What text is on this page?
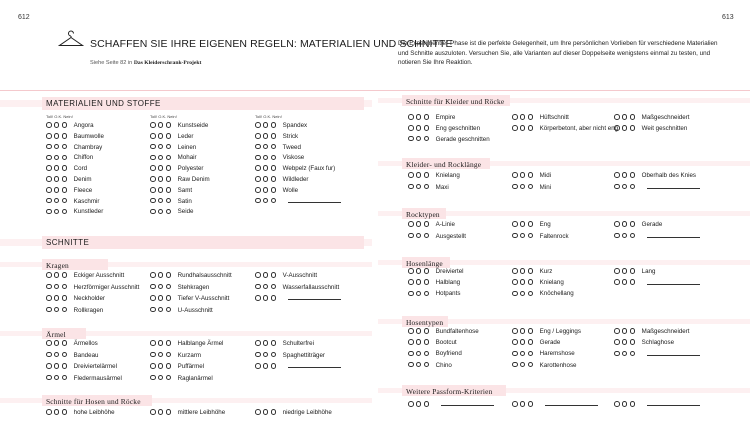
612	613
SCHAFFEN SIE IHRE EIGENEN REGELN: MATERIALIEN UND SCHNITTE
Siehe Seite 82 in Das Kleiderschrank-Projekt
Die Experimentier-Phase ist die perfekte Gelegenheit, um Ihre persönlichen Vorlieben für verschiedene Materialien und Schnitte auszuloten. Versuchen Sie, alle Varianten auf dieser Doppelseite wenigstens einmal zu testen, und notieren Sie Ihre Reaktion.
MATERIALIEN UND STOFFE
Toll! O.K. Nein!	Toll! O.K. Nein!	Toll! O.K. Nein!
Angora
Baumwolle
Chambray
Chiffon
Cord
Denim
Fleece
Kaschmir
Kunstleder
Kunstseide
Leder
Leinen
Mohair
Polyester
Raw Denim
Samt
Satin
Seide
Spandex
Strick
Tweed
Viskose
Webpelz (Faux fur)
Wildleder
Wolle
SCHNITTE
Kragen
Eckiger Ausschnitt
Herzförmiger Ausschnitt
Neckholder
Rollkragen
Rundhalsausschnitt
Stehkragen
Tiefer V-Ausschnitt
U-Ausschnitt
V-Ausschnitt
Wasserfallausschnitt
Ärmel
Ärmellos
Bandeau
Dreiviertelärmel
Fledermausärmel
Halblange Ärmel
Kurzarm
Puffärmel
Raglanärmel
Schulterfrei
Spaghettiträger
Schnitte für Hosen und Röcke
hohe Leibhöhe	mittlere Leibhöhe	niedrige Leibhöhe
Schnitte für Kleider und Röcke
Empire
Eng geschnitten
Gerade geschnitten
Hüftschnitt
Körperbetont, aber nicht eng
Maßgeschneidert
Weit geschnitten
Kleider- und Rocklänge
Knielang
Maxi
Midi
Mini
Oberhalb des Knies
Rocktypen
A-Linie
Ausgestellt
Eng
Faltenrock
Gerade
Hosenlänge
Dreiviertel
Halblang
Hotpants
Kurz
Knielang
Knöchellang
Lang
Hosentypen
Bundfaltenhose
Bootcut
Boyfriend
Chino
Eng / Leggings
Gerade
Haremshose
Karottenhose
Maßgeschneidert
Schlaghose
Weitere Passform-Kriterien
